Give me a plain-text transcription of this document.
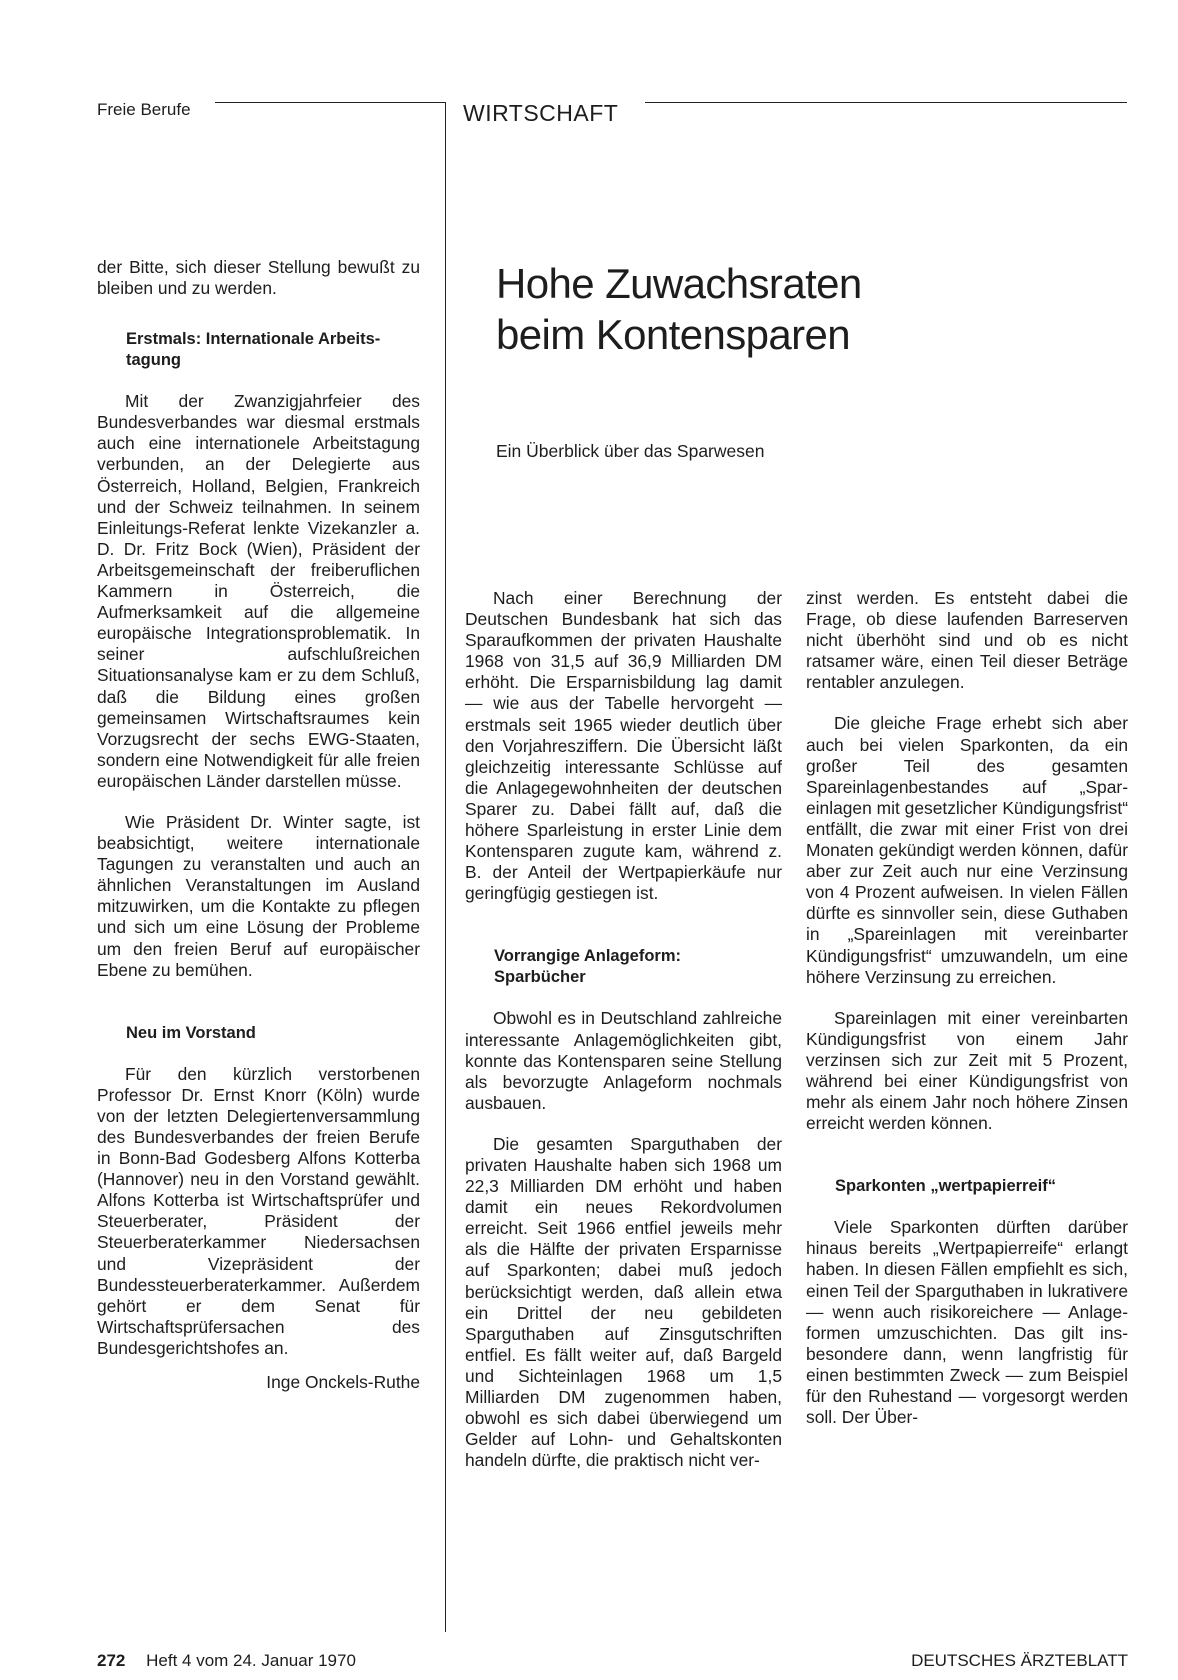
Freie Berufe	WIRTSCHAFT

der Bitte, sich dieser Stellung bewußt zu bleiben und zu werden.

Erstmals: Internationale Arbeitstagung

Mit der Zwanzigjahrfeier des Bundesverbandes war diesmal erstmals auch eine internationele Arbeitstagung verbunden, an der Delegierte aus Österreich, Holland, Belgien, Frankreich und der Schweiz teilnahmen. In seinem Einleitungs-Referat lenkte Vizekanzler a. D. Dr. Fritz Bock (Wien), Präsident der Arbeitsgemeinschaft der freiberuflichen Kammern in Österreich, die Aufmerksamkeit auf die allgemeine europäische Integrationsproblematik. In seiner aufschlußreichen Situationsanalyse kam er zu dem Schluß, daß die Bildung eines großen gemeinsamen Wirtschaftsraumes kein Vorzugsrecht der sechs EWG-Staaten, sondern eine Notwendigkeit für alle freien europäischen Länder darstellen müsse.

Wie Präsident Dr. Winter sagte, ist beabsichtigt, weitere internationale Tagungen zu veranstalten und auch an ähnlichen Veranstaltungen im Ausland mitzuwirken, um die Kontakte zu pflegen und sich um eine Lösung der Probleme um den freien Beruf auf europäischer Ebene zu bemühen.

Neu im Vorstand

Für den kürzlich verstorbenen Professor Dr. Ernst Knorr (Köln) wurde von der letzten Delegiertenversammlung des Bundesverbandes der freien Berufe in Bonn-Bad Godesberg Alfons Kotterba (Hannover) neu in den Vorstand gewählt. Alfons Kotterba ist Wirtschaftsprüfer und Steuerberater, Präsident der Steuerberaterkammer Niedersachsen und Vizepräsident der Bundessteuerberaterkammer. Außerdem gehört er dem Senat für Wirtschaftsprüfersachen des Bundesgerichtshofes an.

Inge Onckels-Ruthe

Hohe Zuwachsraten beim Kontensparen

Ein Überblick über das Sparwesen

Nach einer Berechnung der Deutschen Bundesbank hat sich das Sparaufkommen der privaten Haushalte 1968 von 31,5 auf 36,9 Milliarden DM erhöht. Die Ersparnisbildung lag damit — wie aus der Tabelle hervorgeht — erstmals seit 1965 wieder deutlich über den Vorjahresziffern. Die Übersicht läßt gleichzeitig interessante Schlüsse auf die Anlagegewohnheiten der deutschen Sparer zu. Dabei fällt auf, daß die höhere Sparleistung in erster Linie dem Kontensparen zugute kam, während z. B. der Anteil der Wertpapierkäufe nur geringfügig gestiegen ist.

Vorrangige Anlageform: Sparbücher

Obwohl es in Deutschland zahlreiche interessante Anlagemöglichkeiten gibt, konnte das Kontensparen seine Stellung als bevorzugte Anlageform nochmals ausbauen.

Die gesamten Sparguthaben der privaten Haushalte haben sich 1968 um 22,3 Milliarden DM erhöht und haben damit ein neues Rekordvolumen erreicht. Seit 1966 entfiel jeweils mehr als die Hälfte der privaten Ersparnisse auf Sparkonten; dabei muß jedoch berücksichtigt werden, daß allein etwa ein Drittel der neu gebildeten Sparguthaben auf Zinsgutschriften entfiel. Es fällt weiter auf, daß Bargeld und Sichteinlagen 1968 um 1,5 Milliarden DM zugenommen haben, obwohl es sich dabei überwiegend um Gelder auf Lohn- und Gehaltskonten handeln dürfte, die praktisch nicht ver-

zinst werden. Es entsteht dabei die Frage, ob diese laufenden Barreserven nicht überhöht sind und ob es nicht ratsamer wäre, einen Teil dieser Beträge rentabler anzulegen.

Die gleiche Frage erhebt sich aber auch bei vielen Sparkonten, da ein großer Teil des gesamten Spareinlagenbestandes auf „Spareinlagen mit gesetzlicher Kündigungsfrist“ entfällt, die zwar mit einer Frist von drei Monaten gekündigt werden können, dafür aber zur Zeit auch nur eine Verzinsung von 4 Prozent aufweisen. In vielen Fällen dürfte es sinnvoller sein, diese Guthaben in „Spareinlagen mit vereinbarter Kündigungsfrist“ umzuwandeln, um eine höhere Verzinsung zu erreichen.

Spareinlagen mit einer vereinbarten Kündigungsfrist von einem Jahr verzinsen sich zur Zeit mit 5 Prozent, während bei einer Kündigungsfrist von mehr als einem Jahr noch höhere Zinsen erreicht werden können.

Sparkonten „wertpapierreif“

Viele Sparkonten dürften darüber hinaus bereits „Wertpapierreife“ erlangt haben. In diesen Fällen empfiehlt es sich, einen Teil der Sparguthaben in lukrativere — wenn auch risikoreichere — Anlageformen umzuschichten. Das gilt insbesondere dann, wenn langfristig für einen bestimmten Zweck — zum Beispiel für den Ruhestand — vorgesorgt werden soll. Der Über-

272 Heft 4 vom 24. Januar 1970	DEUTSCHES ÄRZTEBLATT
